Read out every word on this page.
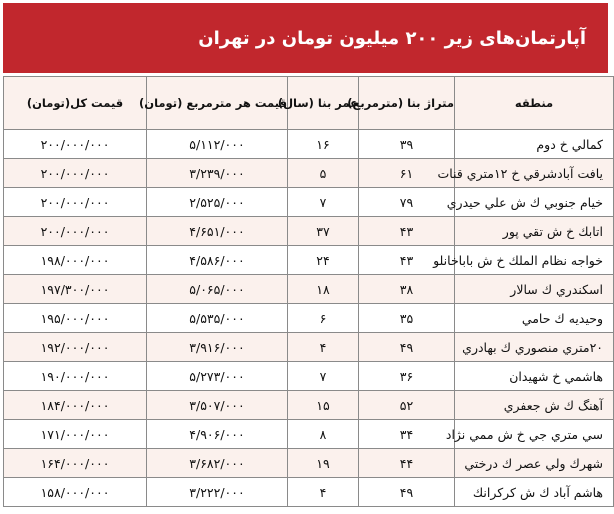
آپارتمان‌های زیر ۲۰۰ میلیون تومان در تهران
منطقه	متراژ بنا (مترمربع)	عمر بنا (سال)	قیمت هر مترمربع (تومان)	قیمت کل(تومان)
کمالي خ دوم	۳۹	۱۶	۵/۱۱۲/۰۰۰	۲۰۰/۰۰۰/۰۰۰
يافت آبادشرقي خ ۱۲متري قنات	۶۱	۵	۳/۲۳۹/۰۰۰	۲۰۰/۰۰۰/۰۰۰
خيام جنوبي ك ش علي حيدري	۷۹	۷	۲/۵۲۵/۰۰۰	۲۰۰/۰۰۰/۰۰۰
اتابك خ ش تقي پور	۴۳	۳۷	۴/۶۵۱/۰۰۰	۲۰۰/۰۰۰/۰۰۰
خواجه نظام الملك خ ش باباخانلو	۴۳	۲۴	۴/۵۸۶/۰۰۰	۱۹۸/۰۰۰/۰۰۰
اسكندري ك سالار	۳۸	۱۸	۵/۰۶۵/۰۰۰	۱۹۷/۳۰۰/۰۰۰
وحيديه ك حامي	۳۵	۶	۵/۵۳۵/۰۰۰	۱۹۵/۰۰۰/۰۰۰
۲۰متري منصوري ك بهادري	۴۹	۴	۳/۹۱۶/۰۰۰	۱۹۲/۰۰۰/۰۰۰
هاشمي خ شهيدان	۳۶	۷	۵/۲۷۳/۰۰۰	۱۹۰/۰۰۰/۰۰۰
آهنگ ك ش جعفري	۵۲	۱۵	۳/۵۰۷/۰۰۰	۱۸۴/۰۰۰/۰۰۰
سي متري جي خ ش ممي نژاد	۳۴	۸	۴/۹۰۶/۰۰۰	۱۷۱/۰۰۰/۰۰۰
شهرك ولي عصر ك درختي	۴۴	۱۹	۳/۶۸۲/۰۰۰	۱۶۴/۰۰۰/۰۰۰
هاشم آباد ك ش كركرانك	۴۹	۴	۳/۲۲۲/۰۰۰	۱۵۸/۰۰۰/۰۰۰
